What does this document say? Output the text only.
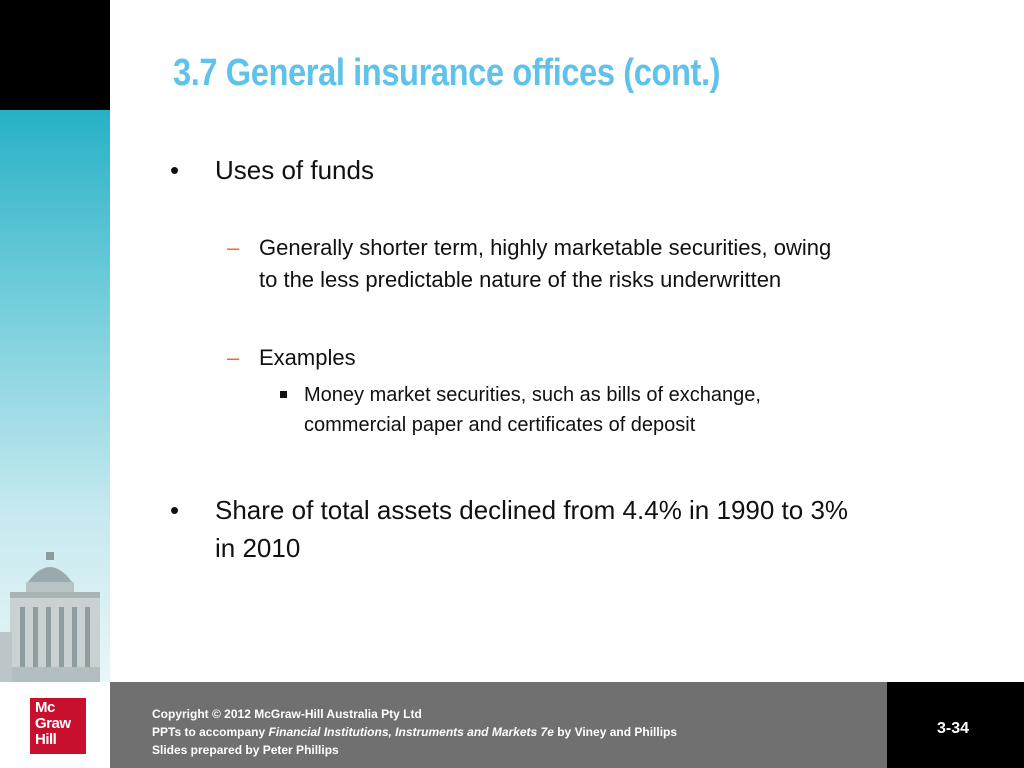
3.7 General insurance offices (cont.)
• Uses of funds
– Generally shorter term, highly marketable securities, owing
to the less predictable nature of the risks underwritten
– Examples
Money market securities, such as bills of exchange,
commercial paper and certificates of deposit
• Share of total assets declined from 4.4% in 1990 to 3%
in 2010
Mc
Graw
Hill
Copyright © 2012 McGraw-Hill Australia Pty Ltd
PPTs to accompany Financial Institutions, Instruments and Markets 7e by Viney and Phillips
Slides prepared by Peter Phillips
3-34
